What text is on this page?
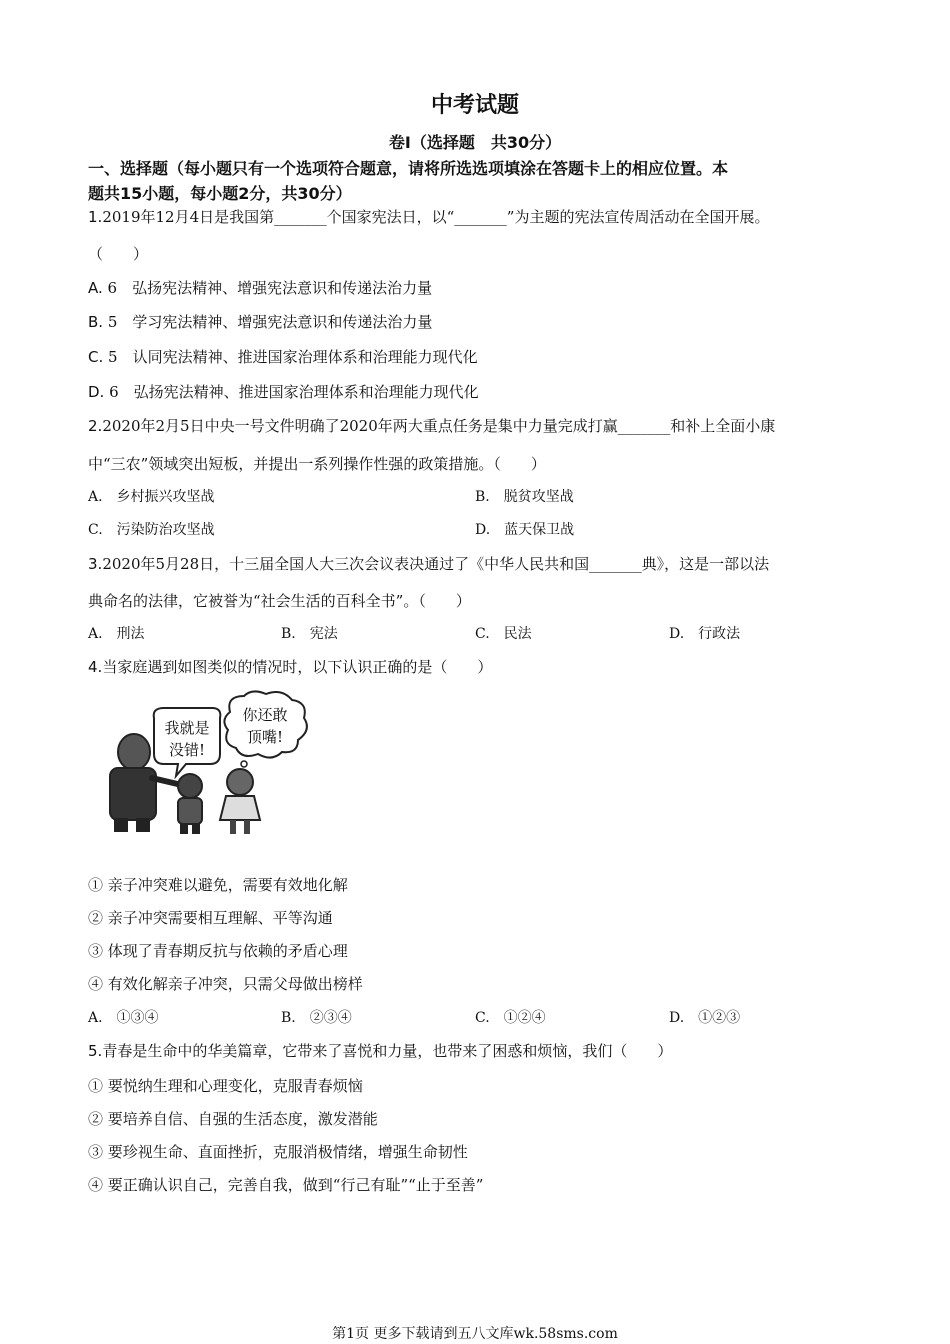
中考试题
卷Ⅰ（选择题　共30分）
一、选择题（每小题只有一个选项符合题意，请将所选选项填涂在答题卡上的相应位置。本
题共15小题，每小题2分，共30分）
1.2019年12月4日是我国第_______个国家宪法日，以“_______”为主题的宪法宣传周活动在全国开展。
（　　）
A. 6　弘扬宪法精神、增强宪法意识和传递法治力量
B. 5　学习宪法精神、增强宪法意识和传递法治力量
C. 5　认同宪法精神、推进国家治理体系和治理能力现代化
D. 6　弘扬宪法精神、推进国家治理体系和治理能力现代化
2.2020年2月5日中央一号文件明确了2020年两大重点任务是集中力量完成打赢_______和补上全面小康
中“三农”领域突出短板，并提出一系列操作性强的政策措施。（　　）
A.　乡村振兴攻坚战	B.　脱贫攻坚战
C.　污染防治攻坚战	D.　蓝天保卫战
3.2020年5月28日，十三届全国人大三次会议表决通过了《中华人民共和国_______典》，这是一部以法
典命名的法律，它被誉为“社会生活的百科全书”。（　　）
A.　刑法	B.　宪法	C.　民法	D.　行政法
4.当家庭遇到如图类似的情况时，以下认识正确的是（　　）
我就是
没错!
你还敢
顶嘴!
① 亲子冲突难以避免，需要有效地化解
② 亲子冲突需要相互理解、平等沟通
③ 体现了青春期反抗与依赖的矛盾心理
④ 有效化解亲子冲突，只需父母做出榜样
A.　①③④	B.　②③④	C.　①②④	D.　①②③
5.青春是生命中的华美篇章，它带来了喜悦和力量，也带来了困惑和烦恼，我们（　　）
① 要悦纳生理和心理变化，克服青春烦恼
② 要培养自信、自强的生活态度，激发潜能
③ 要珍视生命、直面挫折，克服消极情绪，增强生命韧性
④ 要正确认识自己，完善自我，做到“行己有耻”“止于至善”
第1页 更多下载请到五八文库wk.58sms.com
